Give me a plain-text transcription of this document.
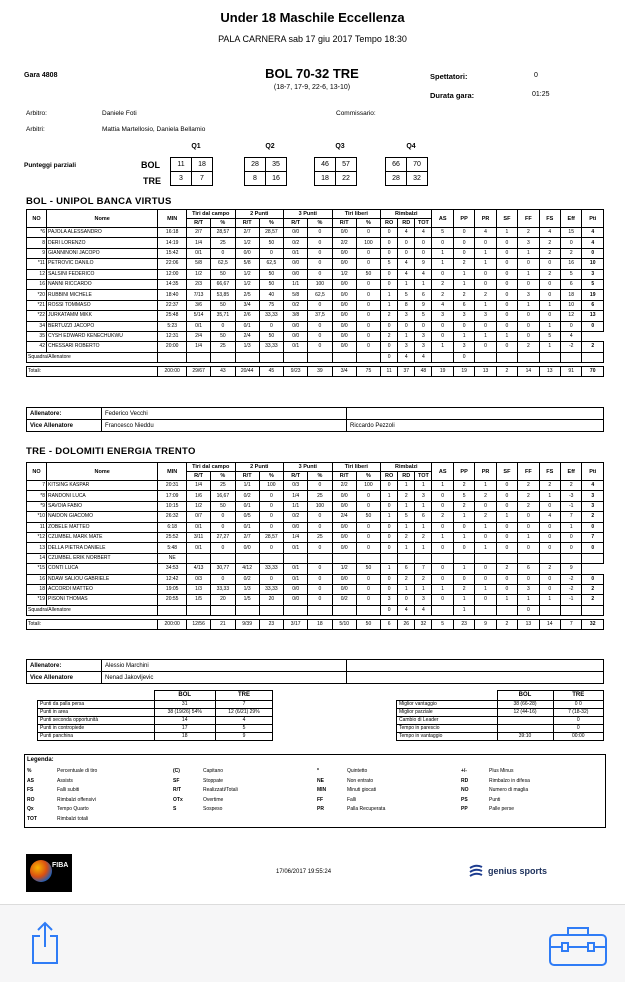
Under 18 Maschile Eccellenza
PALA CARNERA sab 17 giu 2017 Tempo 18:30
Gara 4808	BOL 70-32 TRE
(18-7, 17-9, 22-6, 13-10)
Spettatori:	0
Durata gara:	01:25
Arbitro:	Daniele Foti	Commissario:
Arbitri:	Mattia Martellosio, Daniela Bellamio
Punteggi parziali	BOL
TRE
Q1
11	18
3	7
Q2
28	35
8	16
Q3
46	57
18	22
Q4
66	70
28	32
BOL - UNIPOL BANCA VIRTUS
NO	Nome	MIN	Tiri dal campo		2 Punti		3 Punti		Tiri liberi		Rimbalzi			AS	PP	PR	SF	FF	FS	Eff	Pti
			R/T	%	R/T	%	R/T	%	R/T	%	RO	RD	TOT								
*6	PAJOLA ALESSANDRO	16:18	2/7	28,57	2/7	28,57	0/0	0	0/0	0	0	4	4	5	0	4	1	2	4	15	4
8	DERI LORENZO	14:19	1/4	25	1/2	50	0/2	0	2/2	100	0	0	0	0	0	0	0	3	2	0	4
9	GIANNINONI JACOPO	15:42	0/1	0	0/0	0	0/1	0	0/0	0	0	0	0	1	0	1	0	1	2	2	0
*11	PETROVIC DANILO	22:06	5/8	62,5	5/8	62,5	0/0	0	0/0	0	5	4	9	1	2	1	0	0	0	16	10
12	SALSINI FEDERICO	12:00	1/2	50	1/2	50	0/0	0	1/2	50	0	4	4	0	1	0	0	1	2	5	3
16	NANNI RICCARDO	14:35	2/3	66,67	1/2	50	1/1	100	0/0	0	0	1	1	2	1	0	0	0	0	6	5
*20	RUBBINI MICHELE	18:40	7/13	53,85	2/5	40	5/8	62,5	0/0	0	1	5	6	2	2	2	0	3	0	18	19
*21	ROSSI TOMMASO	22:37	3/6	50	3/4	75	0/2	0	0/0	0	1	8	9	4	6	1	0	1	1	10	6
*22	JURKATAMM MIKK	25:48	5/14	35,71	2/6	33,33	3/8	37,5	0/0	0	2	3	5	3	3	3	0	0	0	12	13
34	BERTUZZI JACOPO	5:23	0/1	0	0/1	0	0/0	0	0/0	0	0	0	0	0	0	0	0	0	1	0	0
35	CYSH EDWARD KENECHUKWU	12:31	2/4	50	2/4	50	0/0	0	0/0	0	2	1	3	0	1	1	1	0	5	4	
42	CHESSARI ROBERTO	20:00	1/4	25	1/3	33,33	0/1	0	0/0	0	0	3	3	1	3	0	0	2	1	-2	2
Squadra/Allenatore											0	4	4		0						

Totali:		200:00	29/67	43	20/44	45	9/23	39	3/4	75	11	37	48	19	19	13	2	14	13	91	70
Allenatore:	Federico Vecchi	
Vice Allenatore	Francesco Nieddu	Riccardo Pezzoli
TRE - DOLOMITI ENERGIA TRENTO
NO	Nome	MIN	Tiri dal campo		2 Punti		3 Punti		Tiri liberi		Rimbalzi			AS	PP	PR	SF	FF	FS	Eff	Pti
			R/T	%	R/T	%	R/T	%	R/T	%	RO	RD	TOT								
7	KITSING KASPAR	20:31	1/4	25	1/1	100	0/3	0	2/2	100	0	1	1	1	2	1	0	2	2	2	4
*8	RANDONI LUCA	17:09	1/6	16,67	0/2	0	1/4	25	0/0	0	1	2	3	0	5	2	0	2	1	-3	3
*9	SAVOIA FABIO	10:15	1/2	50	0/1	0	1/1	100	0/0	0	0	1	1	0	2	0	0	2	0	-1	3
*10	NAIDON GIACOMO	26:32	0/7	0	0/5	0	0/2	0	2/4	50	1	5	6	2	1	2	1	0	4	7	2
11	ZOBELE MATTEO	6:18	0/1	0	0/1	0	0/0	0	0/0	0	0	1	1	0	0	1	0	0	0	1	0
*12	CZUMBEL MARK MATE	25:52	3/11	27,27	2/7	28,57	1/4	25	0/0	0	0	2	2	1	1	0	0	1	0	0	7
13	DELLA PIETRA DANIELE	5:48	0/1	0	0/0	0	0/1	0	0/0	0	0	1	1	0	0	1	0	0	0	0	0
14	CZUMBEL ERIK NORBERT	NE																			
*15	CONTI LUCA	34:53	4/13	30,77	4/12	33,33	0/1	0	1/2	50	1	6	7	0	1	0	2	6	2	9	
16	NDAW SALIOU GABRIELE	12:42	0/3	0	0/2	0	0/1	0	0/0	0	0	2	2	0	0	0	0	0	0	-2	0
18	ACCORDI MATTEO	19:05	1/3	33,33	1/3	33,33	0/0	0	0/0	0	0	1	1	1	2	1	0	3	0	-2	2
*19	PISONI THOMAS	20:55	1/5	20	1/5	20	0/0	0	0/2	0	3	0	3	0	1	0	1	1	1	-1	2
Squadra/Allenatore											0	4	4		1			0			

Totali:		200:00	12/56	21	9/39	23	3/17	18	5/10	50	6	26	32	5	23	9	2	13	14	7	32
Allenatore:	Alessio Marchini	
Vice Allenatore	Nenad Jakovljevic	
	BOL	TRE
Punti da palla persa	31	7
Punti in area	38 (19/26) 54%	12 (6/21) 29%
Punti seconda opportunità	14	4
Punti in contropiede	17	5
Punti panchina	18	9
	BOL	TRE
Miglior vantaggio	38 (66-28)	0 0
Miglior parziale	12 (44-16)	7 (18-32)
Cambio di Leader		0
Tempo in parescio		0
Tempo in vantaggio	39:10	00:00
Legenda:
%	Percentuale di tiro
AS	Assists
FS	Falli subiti
RO	Rimbalzi offensivi
Qx	Tempo Quarto
TOT	Rimbalzi totali
(C)	Capitano
SF	Stoppate
R/T	Realizzati/Totali
OTx	Overtime
S	Sospeso
*	Quintetto
NE	Non entrato
MIN	Minuti giocati
FF	Falli
PR	Palla Recuperata
+/-	Plus Minus
RD	Rimbalzo in difesa
NO	Numero di maglia
PS	Punti
PP	Palle perse
FIBA
17/06/2017 19:55:24	genius sports
